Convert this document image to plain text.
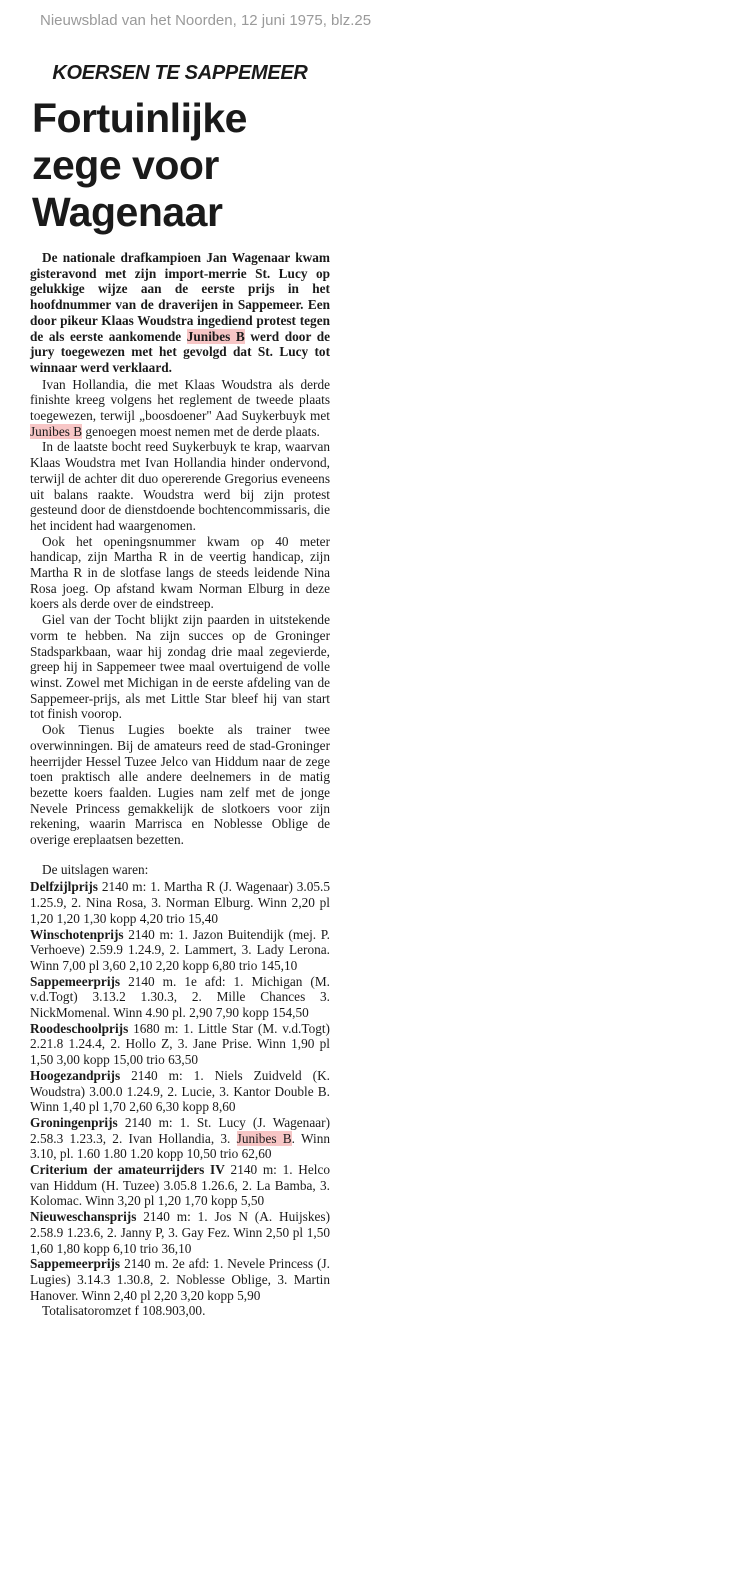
Nieuwsblad van het Noorden, 12 juni 1975, blz.25
KOERSEN TE SAPPEMEER
Fortuinlijke zege voor Wagenaar

De nationale drafkampioen Jan Wagenaar kwam gisteravond met zijn import-merrie St. Lucy op gelukkige wijze aan de eerste prijs in het hoofdnummer van de draverijen in Sappemeer. Een door pikeur Klaas Woudstra ingediend protest tegen de als eerste aankomende Junibes B werd door de jury toegewezen met het gevolgd dat St. Lucy tot winnaar werd verklaard.

Ivan Hollandia, die met Klaas Woudstra als derde finishte kreeg volgens het reglement de tweede plaats toegewezen, terwijl „boosdoener" Aad Suykerbuyk met Junibes B genoegen moest nemen met de derde plaats.

In de laatste bocht reed Suykerbuyk te krap, waarvan Klaas Woudstra met Ivan Hollandia hinder ondervond, terwijl de achter dit duo opererende Gregorius eveneens uit balans raakte. Woudstra werd bij zijn protest gesteund door de dienstdoende bochtencommissaris, die het incident had waargenomen.

Ook het openingsnummer kwam op 40 meter handicap, zijn Martha R in de veertig handicap, zijn Martha R in de slotfase langs de steeds leidende Nina Rosa joeg. Op afstand kwam Norman Elburg in deze koers als derde over de eindstreep.

Giel van der Tocht blijkt zijn paarden in uitstekende vorm te hebben. Na zijn succes op de Groninger Stadsparkbaan, waar hij zondag drie maal zegevierde, greep hij in Sappemeer twee maal overtuigend de volle winst. Zowel met Michigan in de eerste afdeling van de Sappemeer-prijs, als met Little Star bleef hij van start tot finish voorop.

Ook Tienus Lugies boekte als trainer twee overwinningen. Bij de amateurs reed de stad-Groninger heerrijder Hessel Tuzee Jelco van Hiddum naar de zege toen praktisch alle andere deelnemers in de matig bezette koers faalden. Lugies nam zelf met de jonge Nevele Princess gemakkelijk de slotkoers voor zijn rekening, waarin Marrisca en Noblesse Oblige de overige ereplaatsen bezetten.

De uitslagen waren:

Delfzijlprijs 2140 m: 1. Martha R (J. Wagenaar) 3.05.5 1.25.9, 2. Nina Rosa, 3. Norman Elburg. Winn 2,20 pl 1,20 1,20 1,30 kopp 4,20 trio 15,40

Winschotenprijs 2140 m: 1. Jazon Buitendijk (mej. P. Verhoeve) 2.59.9 1.24.9, 2. Lammert, 3. Lady Lerona. Winn 7,00 pl 3,60 2,10 2,20 kopp 6,80 trio 145,10

Sappemeerprijs 2140 m. 1e afd: 1. Michigan (M. v.d.Togt) 3.13.2 1.30.3, 2. Mille Chances 3. NickMomenal. Winn 4.90 pl. 2,90 7,90 kopp 154,50

Roodeschoolprijs 1680 m: 1. Little Star (M. v.d.Togt) 2.21.8 1.24.4, 2. Hollo Z, 3. Jane Prise. Winn 1,90 pl 1,50 3,00 kopp 15,00 trio 63,50

Hoogezandprijs 2140 m: 1. Niels Zuidveld (K. Woudstra) 3.00.0 1.24.9, 2. Lucie, 3. Kantor Double B. Winn 1,40 pl 1,70 2,60 6,30 kopp 8,60

Groningenprijs 2140 m: 1. St. Lucy (J. Wagenaar) 2.58.3 1.23.3, 2. Ivan Hollandia, 3. Junibes B. Winn 3.10, pl. 1.60 1.80 1.20 kopp 10,50 trio 62,60

Criterium der amateurrijders IV 2140 m: 1. Helco van Hiddum (H. Tuzee) 3.05.8 1.26.6, 2. La Bamba, 3. Kolomac. Winn 3,20 pl 1,20 1,70 kopp 5,50

Nieuweschansprijs 2140 m: 1. Jos N (A. Huijskes) 2.58.9 1.23.6, 2. Janny P, 3. Gay Fez. Winn 2,50 pl 1,50 1,60 1,80 kopp 6,10 trio 36,10

Sappemeerprijs 2140 m. 2e afd: 1. Nevele Princess (J. Lugies) 3.14.3 1.30.8, 2. Noblesse Oblige, 3. Martin Hanover. Winn 2,40 pl 2,20 3,20 kopp 5,90

Totalisatoromzet f 108.903,00.
